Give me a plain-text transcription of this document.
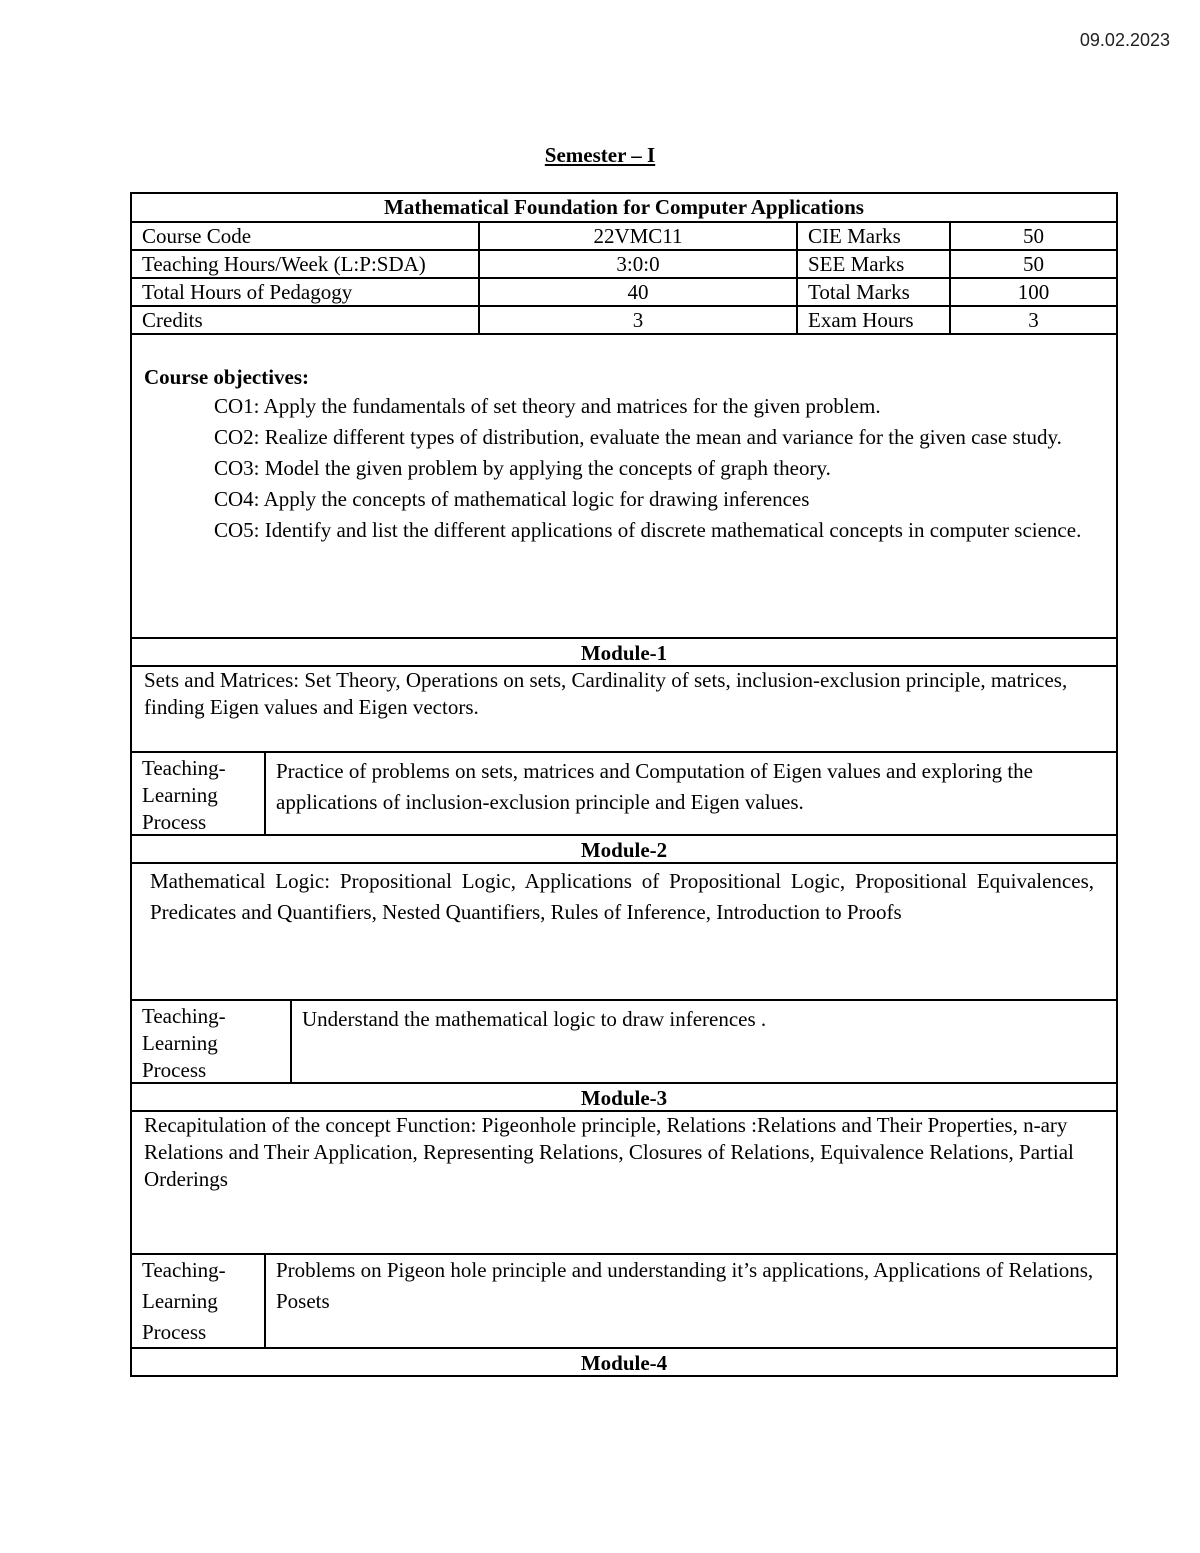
09.02.2023
Semester – I
Mathematical Foundation for Computer Applications
Course Code	22VMC11	CIE Marks	50
Teaching Hours/Week (L:P:SDA)	3:0:0	SEE Marks	50
Total Hours of Pedagogy	40	Total Marks	100
Credits	3	Exam Hours	3
Course objectives:
CO1: Apply the fundamentals of set theory and matrices for the given problem.
CO2: Realize different types of distribution, evaluate the mean and variance for the given case study.
CO3: Model the given problem by applying the concepts of graph theory.
CO4: Apply the concepts of mathematical logic for drawing inferences
CO5: Identify and list the different applications of discrete mathematical concepts in computer science.
Module-1
Sets and Matrices: Set Theory, Operations on sets, Cardinality of sets, inclusion-exclusion principle, matrices, finding Eigen values and Eigen vectors.
Teaching-Learning Process
Practice of problems on sets, matrices and Computation of Eigen values and exploring the applications of inclusion-exclusion principle and Eigen values.
Module-2
Mathematical Logic: Propositional Logic, Applications of Propositional Logic, Propositional Equivalences, Predicates and Quantifiers, Nested Quantifiers, Rules of Inference, Introduction to Proofs
Teaching-Learning Process
Understand the mathematical logic to draw inferences .
Module-3
Recapitulation of the concept Function: Pigeonhole principle, Relations :Relations and Their Properties, n-ary Relations and Their Application, Representing Relations, Closures of Relations, Equivalence Relations, Partial Orderings
Teaching-Learning Process
Problems on Pigeon hole principle and understanding it’s applications, Applications of Relations, Posets
Module-4
